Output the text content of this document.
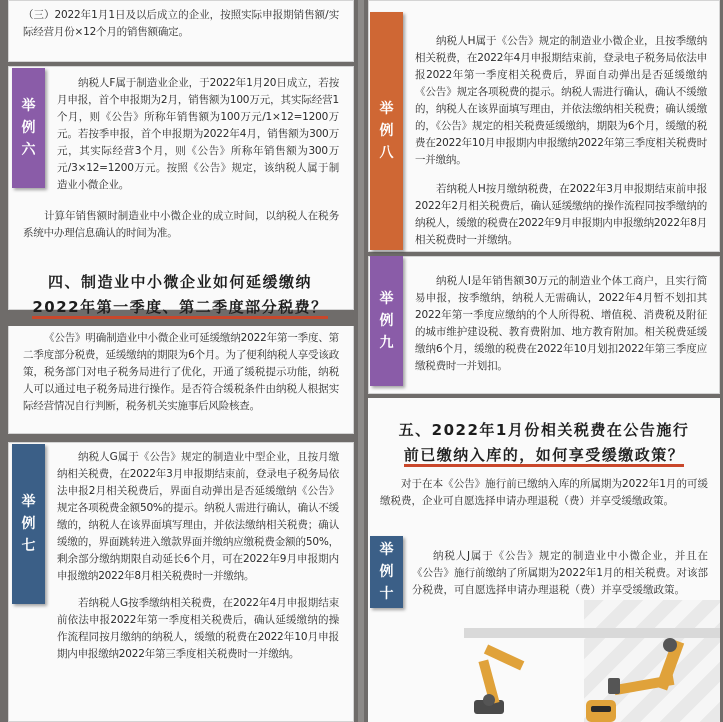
（三）2022年1月1日及以后成立的企业，按照实际申报期销售额/实际经营月份×12个月的销售额确定。

纳税人F属于制造业企业，于2022年1月20日成立，若按月申报，首个申报期为2月，销售额为100万元，其实际经营1个月，则《公告》所称年销售额为100万元/1×12=1200万元。若按季申报，首个申报期为2022年4月，销售额为300万元，其实际经营3个月，则《公告》所称年销售额为300万元/3×12=1200万元。按照《公告》规定，该纳税人属于制造业小微企业。

计算年销售额时制造业中小微企业的成立时间，以纳税人在税务系统中办理信息确认的时间为准。

举
例
六
四、制造业中小微企业如何延缓缴纳
2022年第一季度、第二季度部分税费？

《公告》明确制造业中小微企业可延缓缴纳2022年第一季度、第二季度部分税费，延缓缴纳的期限为6个月。为了便利纳税人享受该政策，税务部门对电子税务局进行了优化，开通了缓税提示功能，纳税人可以通过电子税务局进行操作。是否符合缓税条件由纳税人根据实际经营情况自行判断，税务机关实施事后风险核查。

纳税人G属于《公告》规定的制造业中型企业，且按月缴纳相关税费，在2022年3月申报期结束前，登录电子税务局依法申报2月相关税费后，界面自动弹出是否延缓缴纳《公告》规定各项税费金额50%的提示。纳税人需进行确认，确认不缓缴的，纳税人在该界面填写理由，并依法缴纳相关税费；确认缓缴的，界面跳转进入缴款界面并缴纳应缴税费金额的50%，剩余部分缴纳期限自动延长6个月，可在2022年9月申报期内申报缴纳2022年8月相关税费时一并缴纳。

若纳税人G按季缴纳相关税费，在2022年4月申报期结束前依法申报2022年第一季度相关税费后，确认延缓缴纳的操作流程同按月缴纳的纳税人，缓缴的税费在2022年10月申报期内申报缴纳2022年第三季度相关税费时一并缴纳。

举
例
七

纳税人H属于《公告》规定的制造业小微企业，且按季缴纳相关税费，在2022年4月申报期结束前，登录电子税务局依法申报2022年第一季度相关税费后，界面自动弹出是否延缓缴纳《公告》规定各项税费的提示。纳税人需进行确认，确认不缓缴的，纳税人在该界面填写理由，并依法缴纳相关税费；确认缓缴的，《公告》规定的相关税费延缓缴纳，期限为6个月，缓缴的税费在2022年10月申报期内申报缴纳2022年第三季度相关税费时一并缴纳。

若纳税人H按月缴纳税费，在2022年3月申报期结束前申报2022年2月相关税费后，确认延缓缴纳的操作流程同按季缴纳的纳税人，缓缴的税费在2022年9月申报期内申报缴纳2022年8月相关税费时一并缴纳。

举
例
八

纳税人I是年销售额30万元的制造业个体工商户，且实行简易申报，按季缴纳，纳税人无需确认，2022年4月暂不划扣其2022年第一季度应缴纳的个人所得税、增值税、消费税及附征的城市维护建设税、教育费附加、地方教育附加。相关税费延缓缴纳6个月，缓缴的税费在2022年10月划扣2022年第三季度应缴税费时一并划扣。

举
例
九
五、2022年1月份相关税费在公告施行
前已缴纳入库的，如何享受缓缴政策？

对于在本《公告》施行前已缴纳入库的所属期为2022年1月的可缓缴税费，企业可自愿选择申请办理退税（费）并享受缓缴政策。

纳税人J属于《公告》规定的制造业中小微企业，并且在《公告》施行前缴纳了所属期为2022年1月的相关税费。对该部分税费，可自愿选择申请办理退税（费）并享受缓缴政策。

举
例
十
